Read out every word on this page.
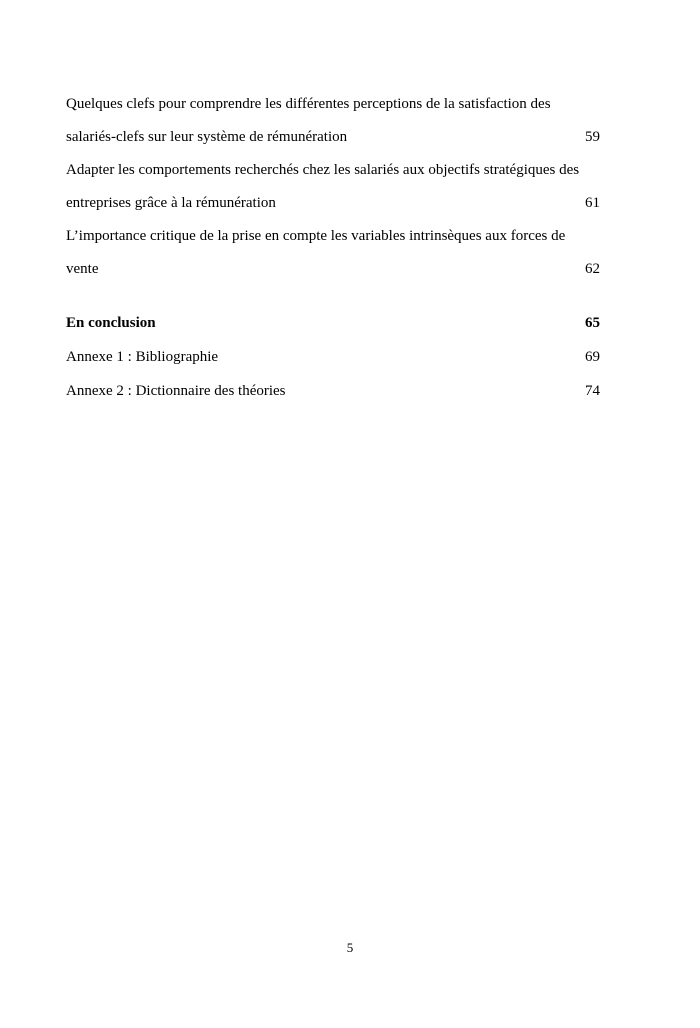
Quelques clefs pour comprendre les différentes perceptions de la satisfaction des
salariés-clefs sur leur système de rémunération .....	59
Adapter les comportements recherchés chez les salariés aux objectifs stratégiques des
entreprises grâce à la rémunération .....	61
L’importance critique de la prise en compte les variables intrinsèques aux forces de
vente .....	62
En conclusion .....	65
Annexe 1 : Bibliographie .....	69
Annexe 2 : Dictionnaire des théories .....	74
5
